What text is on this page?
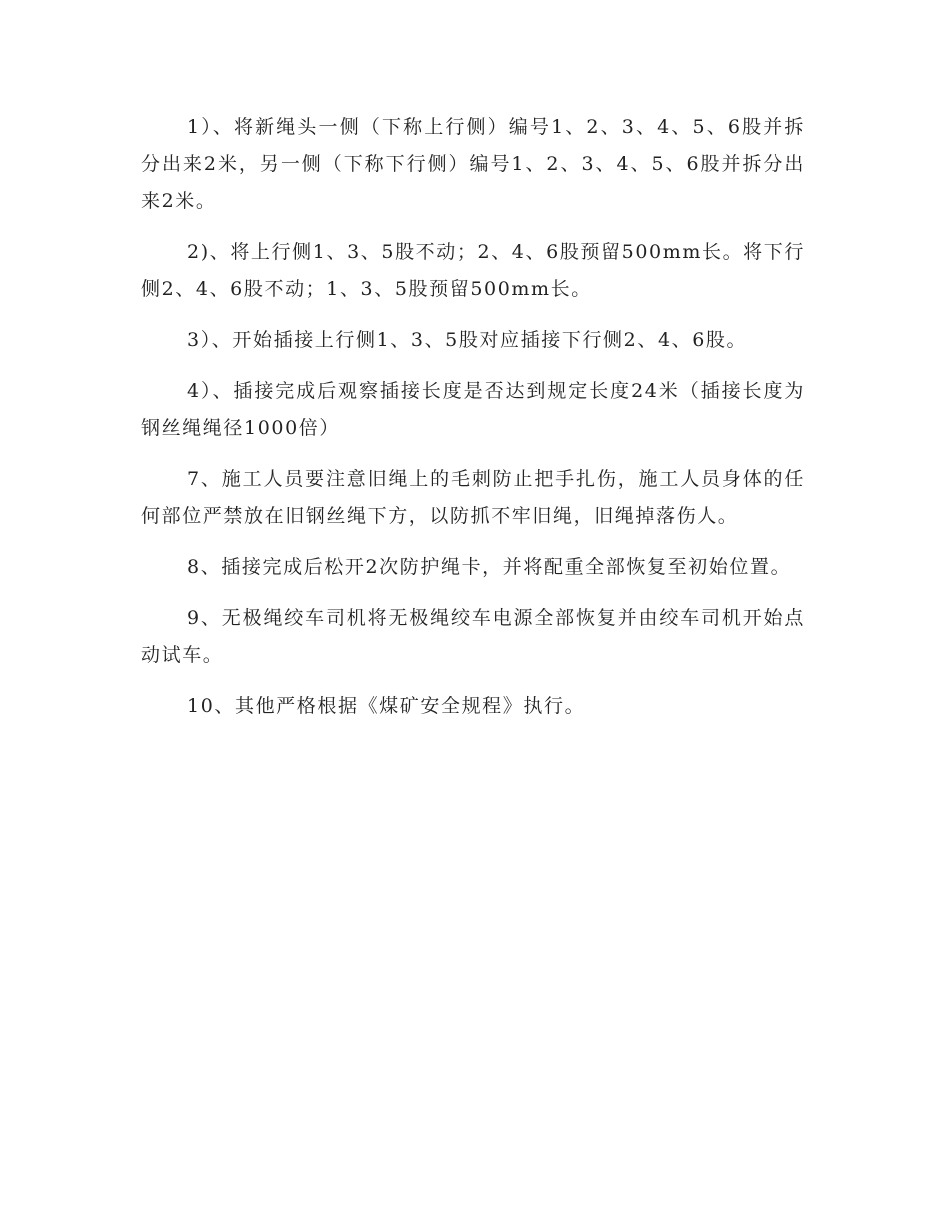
1）、将新绳头一侧（下称上行侧）编号1、2、3、4、5、6股并拆分出来2米，另一侧（下称下行侧）编号1、2、3、4、5、6股并拆分出来2米。

2)、将上行侧1、3、5股不动；2、4、6股预留500mm长。将下行侧2、4、6股不动；1、3、5股预留500mm长。

3）、开始插接上行侧1、3、5股对应插接下行侧2、4、6股。

4）、插接完成后观察插接长度是否达到规定长度24米（插接长度为钢丝绳绳径1000倍）

7、施工人员要注意旧绳上的毛刺防止把手扎伤，施工人员身体的任何部位严禁放在旧钢丝绳下方，以防抓不牢旧绳，旧绳掉落伤人。

8、插接完成后松开2次防护绳卡，并将配重全部恢复至初始位置。

9、无极绳绞车司机将无极绳绞车电源全部恢复并由绞车司机开始点动试车。

10、其他严格根据《煤矿安全规程》执行。
